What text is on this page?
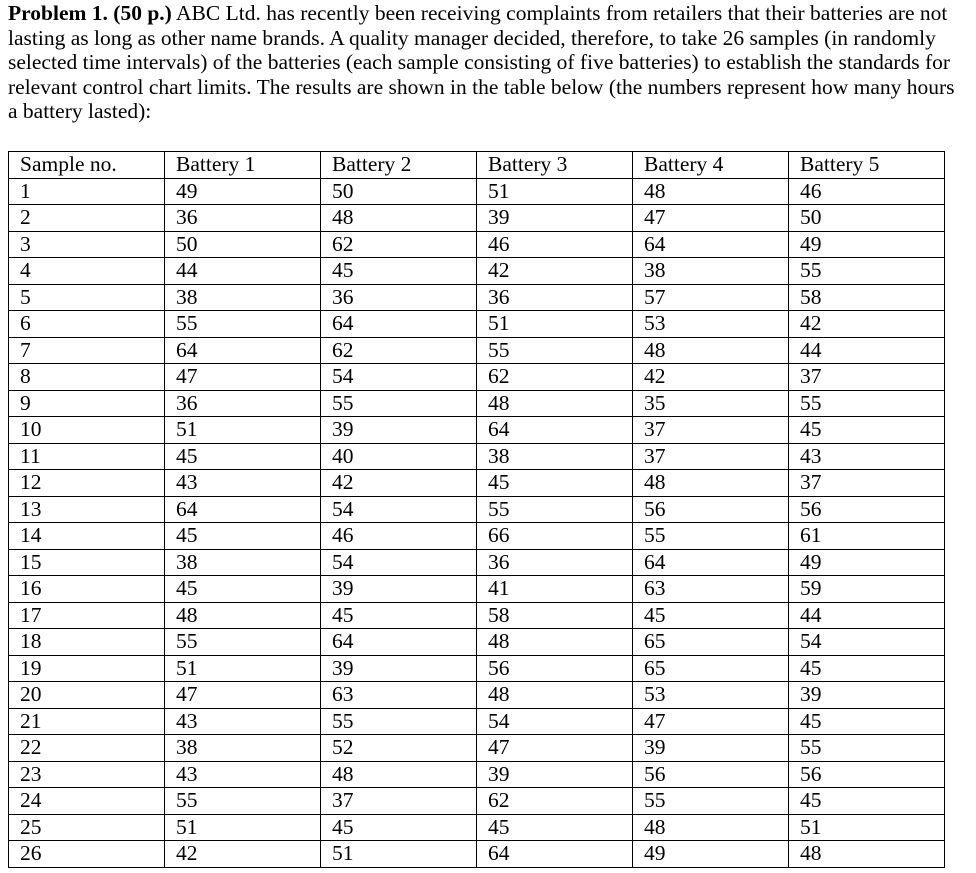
Problem 1. (50 p.) ABC Ltd. has recently been receiving complaints from retailers that their batteries are not lasting as long as other name brands. A quality manager decided, therefore, to take 26 samples (in randomly selected time intervals) of the batteries (each sample consisting of five batteries) to establish the standards for relevant control chart limits. The results are shown in the table below (the numbers represent how many hours a battery lasted):

Sample no.	Battery 1	Battery 2	Battery 3	Battery 4	Battery 5
1	49	50	51	48	46
2	36	48	39	47	50
3	50	62	46	64	49
4	44	45	42	38	55
5	38	36	36	57	58
6	55	64	51	53	42
7	64	62	55	48	44
8	47	54	62	42	37
9	36	55	48	35	55
10	51	39	64	37	45
11	45	40	38	37	43
12	43	42	45	48	37
13	64	54	55	56	56
14	45	46	66	55	61
15	38	54	36	64	49
16	45	39	41	63	59
17	48	45	58	45	44
18	55	64	48	65	54
19	51	39	56	65	45
20	47	63	48	53	39
21	43	55	54	47	45
22	38	52	47	39	55
23	43	48	39	56	56
24	55	37	62	55	45
25	51	45	45	48	51
26	42	51	64	49	48
